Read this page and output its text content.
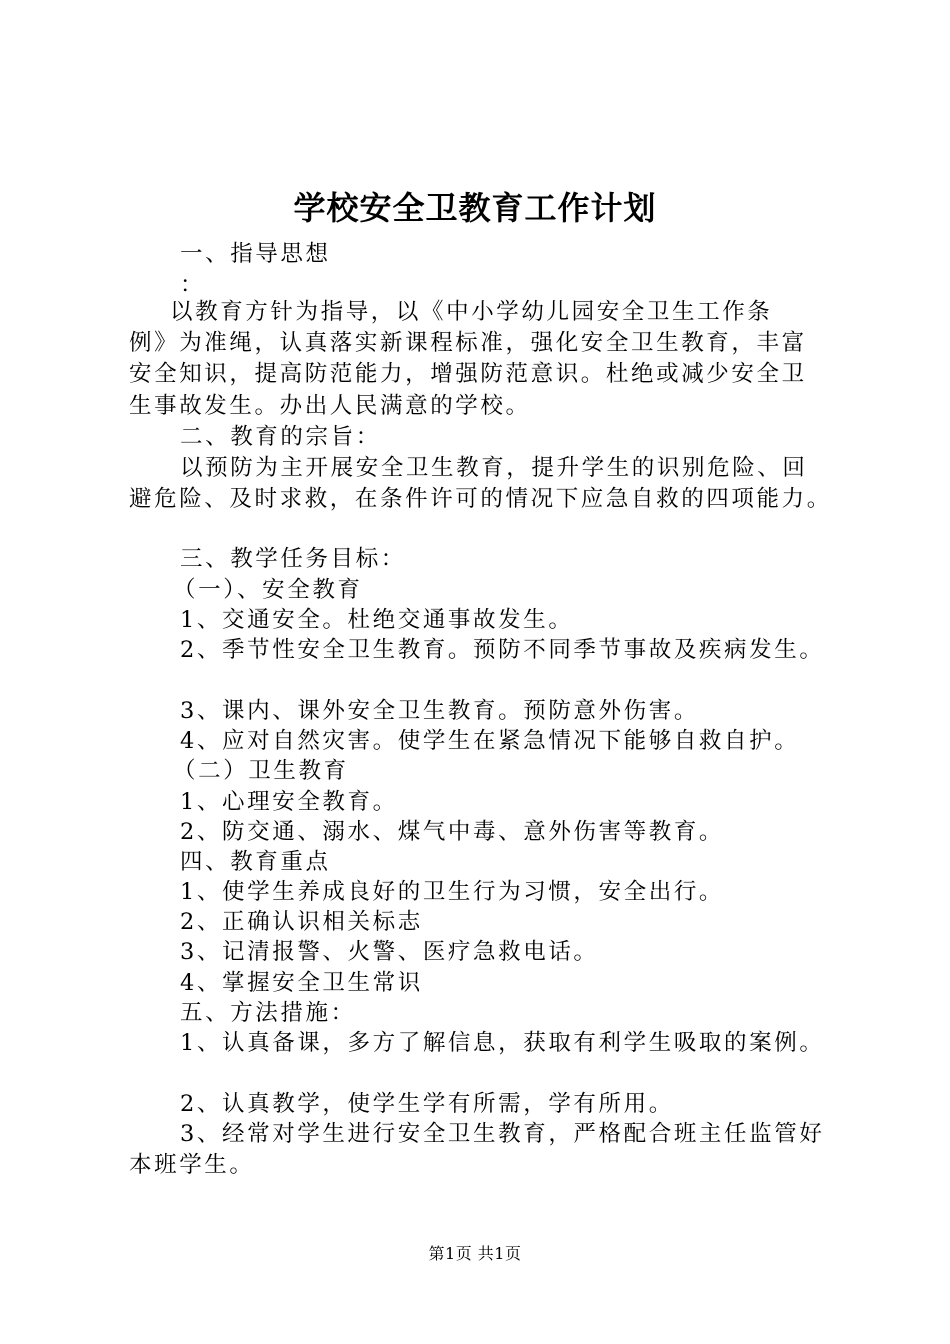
学校安全卫教育工作计划
一、指导思想
：
以教育方针为指导，以《中小学幼儿园安全卫生工作条
例》为准绳，认真落实新课程标准，强化安全卫生教育，丰富
安全知识，提高防范能力，增强防范意识。杜绝或减少安全卫
生事故发生。办出人民满意的学校。
二、教育的宗旨：
以预防为主开展安全卫生教育，提升学生的识别危险、回
避危险、及时求救，在条件许可的情况下应急自救的四项能力。
三、教学任务目标：
（一）、安全教育
1、交通安全。杜绝交通事故发生。
2、季节性安全卫生教育。预防不同季节事故及疾病发生。
3、课内、课外安全卫生教育。预防意外伤害。
4、应对自然灾害。使学生在紧急情况下能够自救自护。
（二）卫生教育
1、心理安全教育。
2、防交通、溺水、煤气中毒、意外伤害等教育。
四、教育重点
1、使学生养成良好的卫生行为习惯，安全出行。
2、正确认识相关标志
3、记清报警、火警、医疗急救电话。
4、掌握安全卫生常识
五、方法措施：
1、认真备课，多方了解信息，获取有利学生吸取的案例。
2、认真教学，使学生学有所需，学有所用。
3、经常对学生进行安全卫生教育，严格配合班主任监管好
本班学生。
第1页 共1页
